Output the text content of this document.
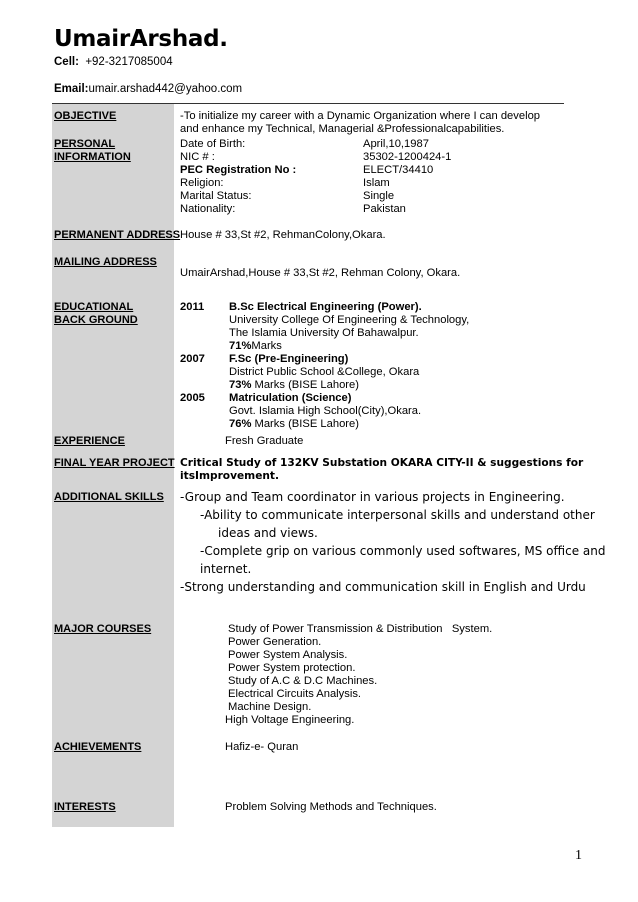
UmairArshad.
Cell: +92-3217085004
Email:umair.arshad442@yahoo.com
OBJECTIVE	-To initialize my career with a Dynamic Organization where I can develop
and enhance my Technical, Managerial &Professionalcapabilities.
PERSONAL
INFORMATION
Date of Birth:	April,10,1987
NIC # :	35302-1200424-1
PEC Registration No :	ELECT/34410
Religion:	Islam
Marital Status:	Single
Nationality:	Pakistan
PERMANENT ADDRESS House # 33,St #2, RehmanColony,Okara.
MAILING ADDRESS
UmairArshad,House # 33,St #2, Rehman Colony, Okara.
EDUCATIONAL
BACK GROUND
2011 B.Sc Electrical Engineering (Power).
University College Of Engineering & Technology,
The Islamia University Of Bahawalpur.
71%Marks
2007 F.Sc (Pre-Engineering)
District Public School &College, Okara
73% Marks (BISE Lahore)
2005 Matriculation (Science)
Govt. Islamia High School(City),Okara.
76% Marks (BISE Lahore)
EXPERIENCE	Fresh Graduate
FINAL YEAR PROJECT Critical Study of 132KV Substation OKARA CITY-II & suggestions for
itsImprovement.
ADDITIONAL SKILLS -Group and Team coordinator in various projects in Engineering.
-Ability to communicate interpersonal skills and understand other
ideas and views.
-Complete grip on various commonly used softwares, MS office and
internet.
-Strong understanding and communication skill in English and Urdu
MAJOR COURSES	Study of Power Transmission & Distribution   System.
Power Generation.
Power System Analysis.
Power System protection.
Study of A.C & D.C Machines.
Electrical Circuits Analysis.
Machine Design.
High Voltage Engineering.
ACHIEVEMENTS	Hafiz-e- Quran
INTERESTS	Problem Solving Methods and Techniques.
1
